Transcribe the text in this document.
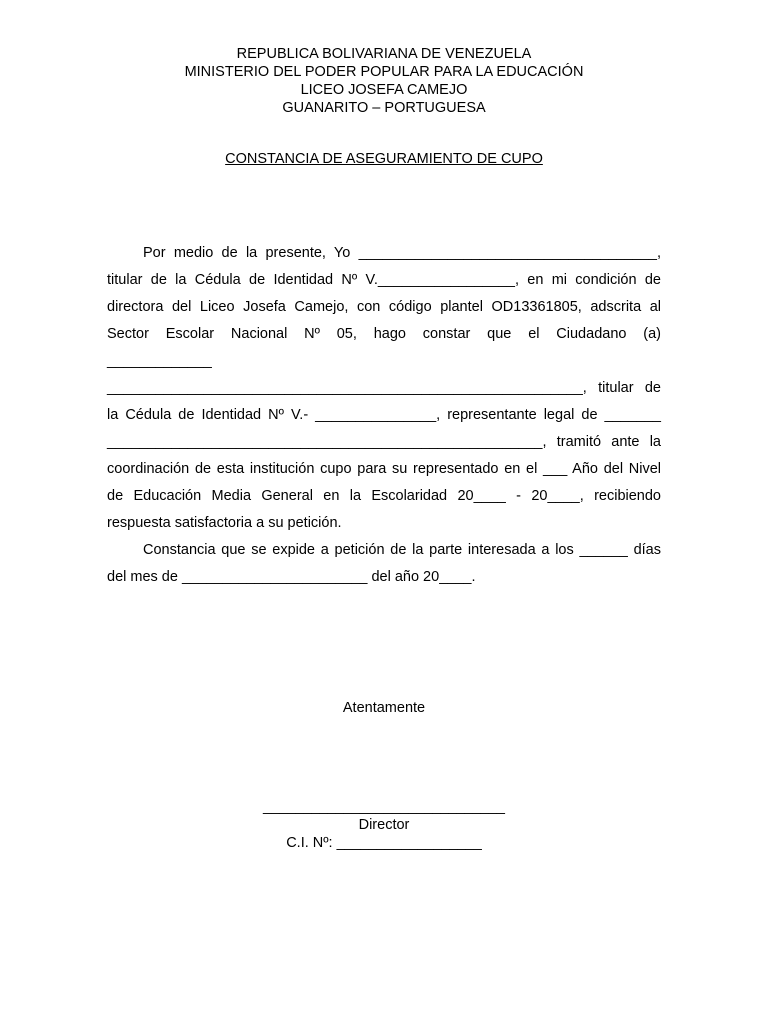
REPUBLICA BOLIVARIANA DE VENEZUELA
MINISTERIO DEL PODER POPULAR PARA LA EDUCACIÓN
LICEO JOSEFA CAMEJO
GUANARITO – PORTUGUESA
CONSTANCIA DE ASEGURAMIENTO DE CUPO
Por medio de la presente, Yo _____________________________________,
titular de la Cédula de Identidad Nº V._________________, en mi condición de
directora del Liceo Josefa Camejo, con código plantel OD13361805, adscrita al
Sector Escolar Nacional Nº 05, hago constar que el Ciudadano (a)
_____________
___________________________________________________________, titular de
la Cédula de Identidad Nº V.- _______________, representante legal de _______
______________________________________________________, tramitó ante la
coordinación de esta institución cupo para su representado en el ___ Año del Nivel
de Educación Media General en la Escolaridad 20____ - 20____, recibiendo
respuesta satisfactoria a su petición.
Constancia que se expide a petición de la parte interesada a los ______ días
del mes de _______________________ del año 20____.
Atentamente
______________________________
Director
C.I. Nº: __________________
